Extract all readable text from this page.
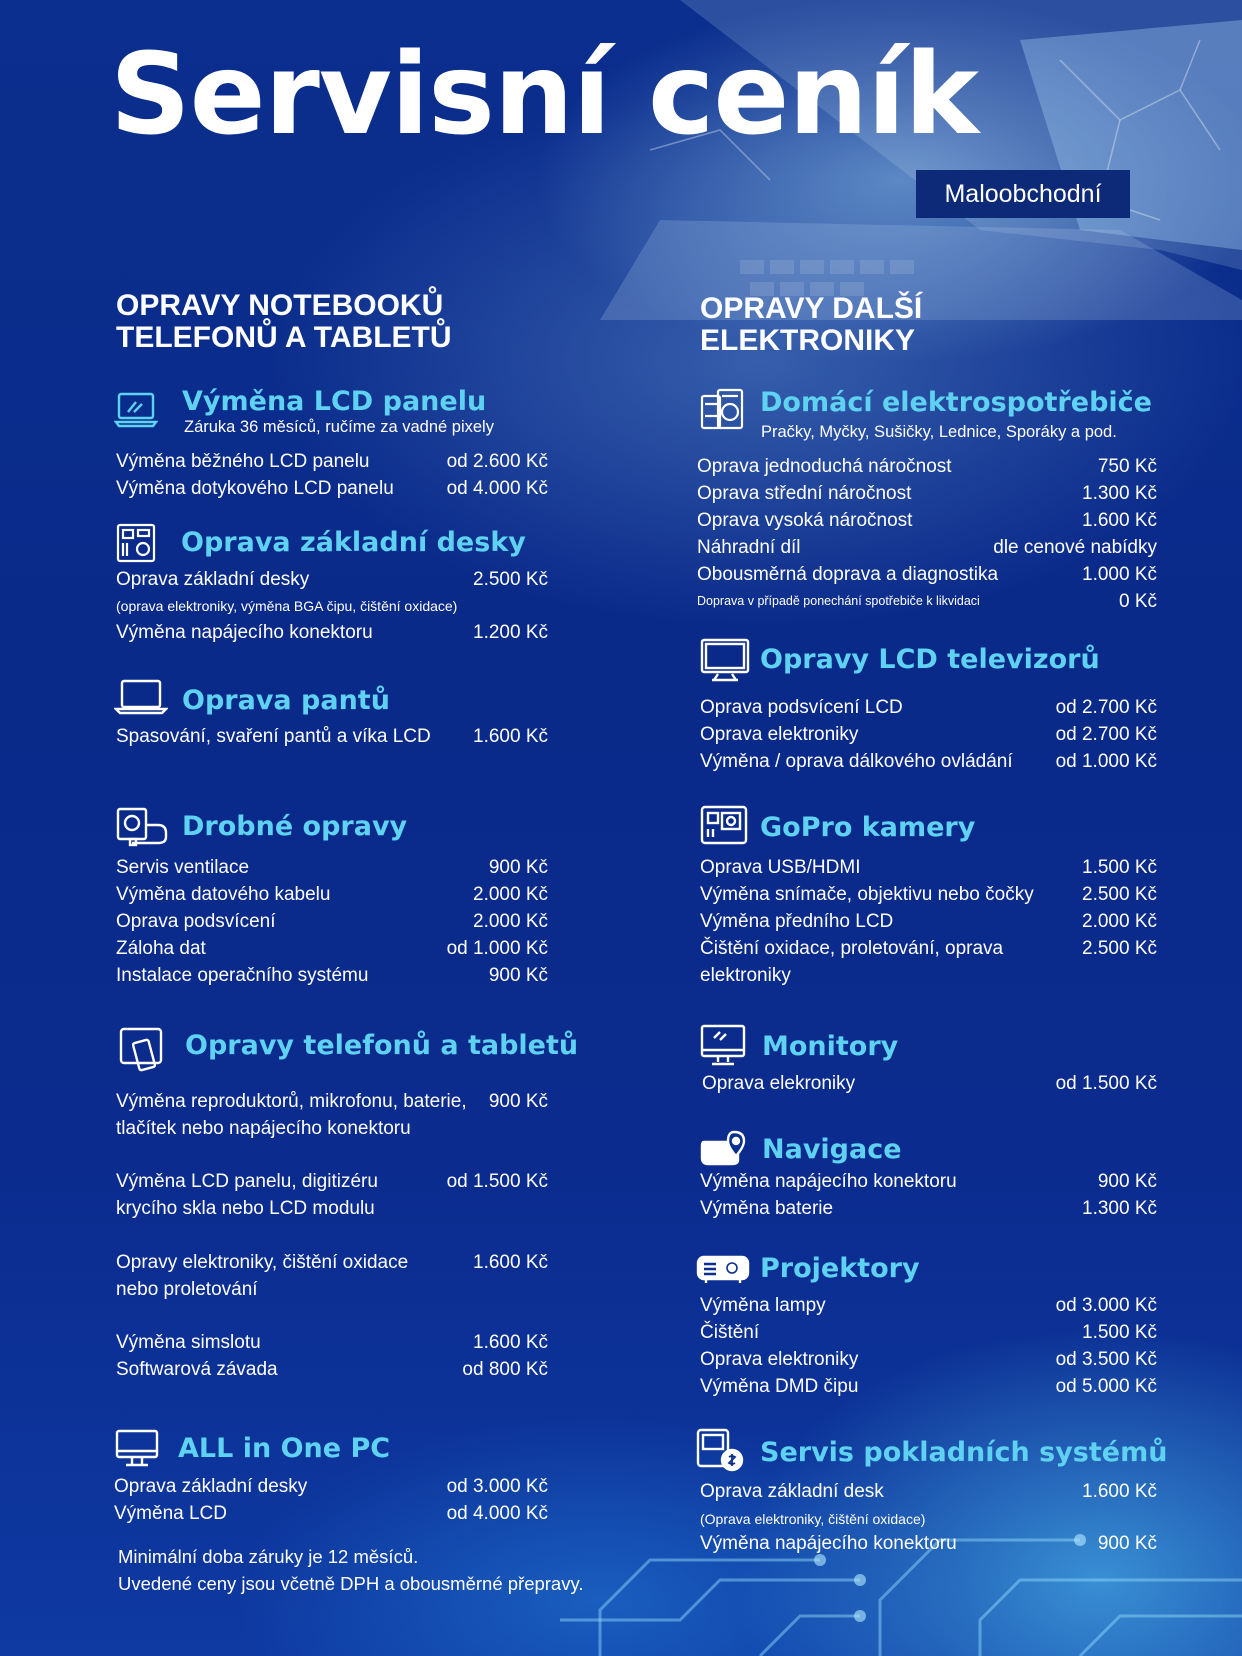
Servisní ceník
Maloobchodní
OPRAVY NOTEBOOKŮ
TELEFONŮ A TABLETŮ
OPRAVY DALŠÍ
ELEKTRONIKY
Výměna LCD panelu
Záruka 36 měsíců, ručíme za vadné pixely
Výměna běžného LCD panelu	od 2.600 Kč
Výměna dotykového LCD panelu	od 4.000 Kč
Oprava základní desky
Oprava základní desky	2.500 Kč
(oprava elektroniky, výměna BGA čipu, čištění oxidace)
Výměna napájecího konektoru	1.200 Kč
Oprava pantů
Spasování, svaření pantů a víka LCD 1.600 Kč
Drobné opravy
Servis ventilace	900 Kč
Výměna datového kabelu	2.000 Kč
Oprava podsvícení	2.000 Kč
Záloha dat	od 1.000 Kč
Instalace operačního systému	900 Kč
Opravy telefonů a tabletů
Výměna reproduktorů, mikrofonu, baterie, tlačítek nebo napájecího konektoru
900 Kč
Výměna LCD panelu, digitizéru krycího skla nebo LCD modulu
od 1.500 Kč
Opravy elektroniky, čištění oxidace nebo proletování
1.600 Kč
Výměna simslotu	1.600 Kč
Softwarová závada	od 800 Kč
ALL in One PC
Oprava základní desky	od 3.000 Kč
Výměna LCD	od 4.000 Kč
Minimální doba záruky je 12 měsíců.
Uvedené ceny jsou včetně DPH a obousměrné přepravy.
Domácí elektrospotřebiče
Pračky, Myčky, Sušičky, Lednice, Sporáky a pod.
Oprava jednoduchá náročnost	750 Kč
Oprava střední náročnost	1.300 Kč
Oprava vysoká náročnost	1.600 Kč
Náhradní díl	dle cenové nabídky
Obousměrná doprava a diagnostika	1.000 Kč
Doprava v případě ponechání spotřebiče k likvidaci	0 Kč
Opravy LCD televizorů
Oprava podsvícení LCD	od 2.700 Kč
Oprava elektroniky	od 2.700 Kč
Výměna / oprava dálkového ovládání od 1.000 Kč
GoPro kamery
Oprava USB/HDMI	1.500 Kč
Výměna snímače, objektivu nebo čočky	2.500 Kč
Výměna předního LCD	2.000 Kč
Čištění oxidace, proletování, oprava elektroniky
2.500 Kč
Monitory
Oprava elekroniky	od 1.500 Kč
Navigace
Výměna napájecího konektoru	900 Kč
Výměna baterie	1.300 Kč
Projektory
Výměna lampy	od 3.000 Kč
Čištění	1.500 Kč
Oprava elektroniky	od 3.500 Kč
Výměna DMD čipu	od 5.000 Kč
Servis pokladních systémů
Oprava základní desk	1.600 Kč
(Oprava elektroniky, čištění oxidace)
Výměna napájecího konektoru	900 Kč
